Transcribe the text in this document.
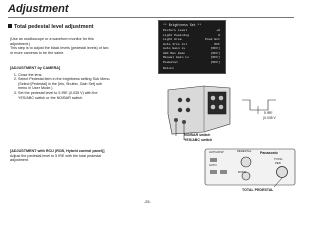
Adjustment
Total pedestal level adjustment

(Use an oscilloscope or a waveform monitor for this

adjustment.)

This step is to adjust the black levels (pedestal levels) of two

or more cameras to be the same.

[ADJUSTMENT by CAMERA]

1. Close the lens.
2. Select Pedestal item in the brightness setting Sub Menu.
(Select [Pedestal] in the [Iris, Shutter, Gain Set] sub
menu in User Mode.)
3. Set the pedestal level to 5 IRE (0.035 V) with the
YES/ABC switch or the NO/BAR switch.

[ADJUSTMENT with RCU (RCB, Hybrid control panel)]

Adjust the pedestal level to 5 IRE with the total pedestal

adjustment.

** Brightness Set **
Picture Level	+0
Light Peak/Avg	0
Light Area	Peak Ent
Auto Iris Lvl	OFF
Auto Gain Lv	[OFF]
AGC Max Gain	[OFF]
Manual Gain Lv	[OFF]
Pedestal	[OFF]
Return
NO/BAR switch
YES/ABC switch
5 IRE
(0.035 V
AUTO/ATW	PEDESTAL Panasonic
TOTAL
PED
AUTO
MODE
TOTAL PEDESTAL
-25-
